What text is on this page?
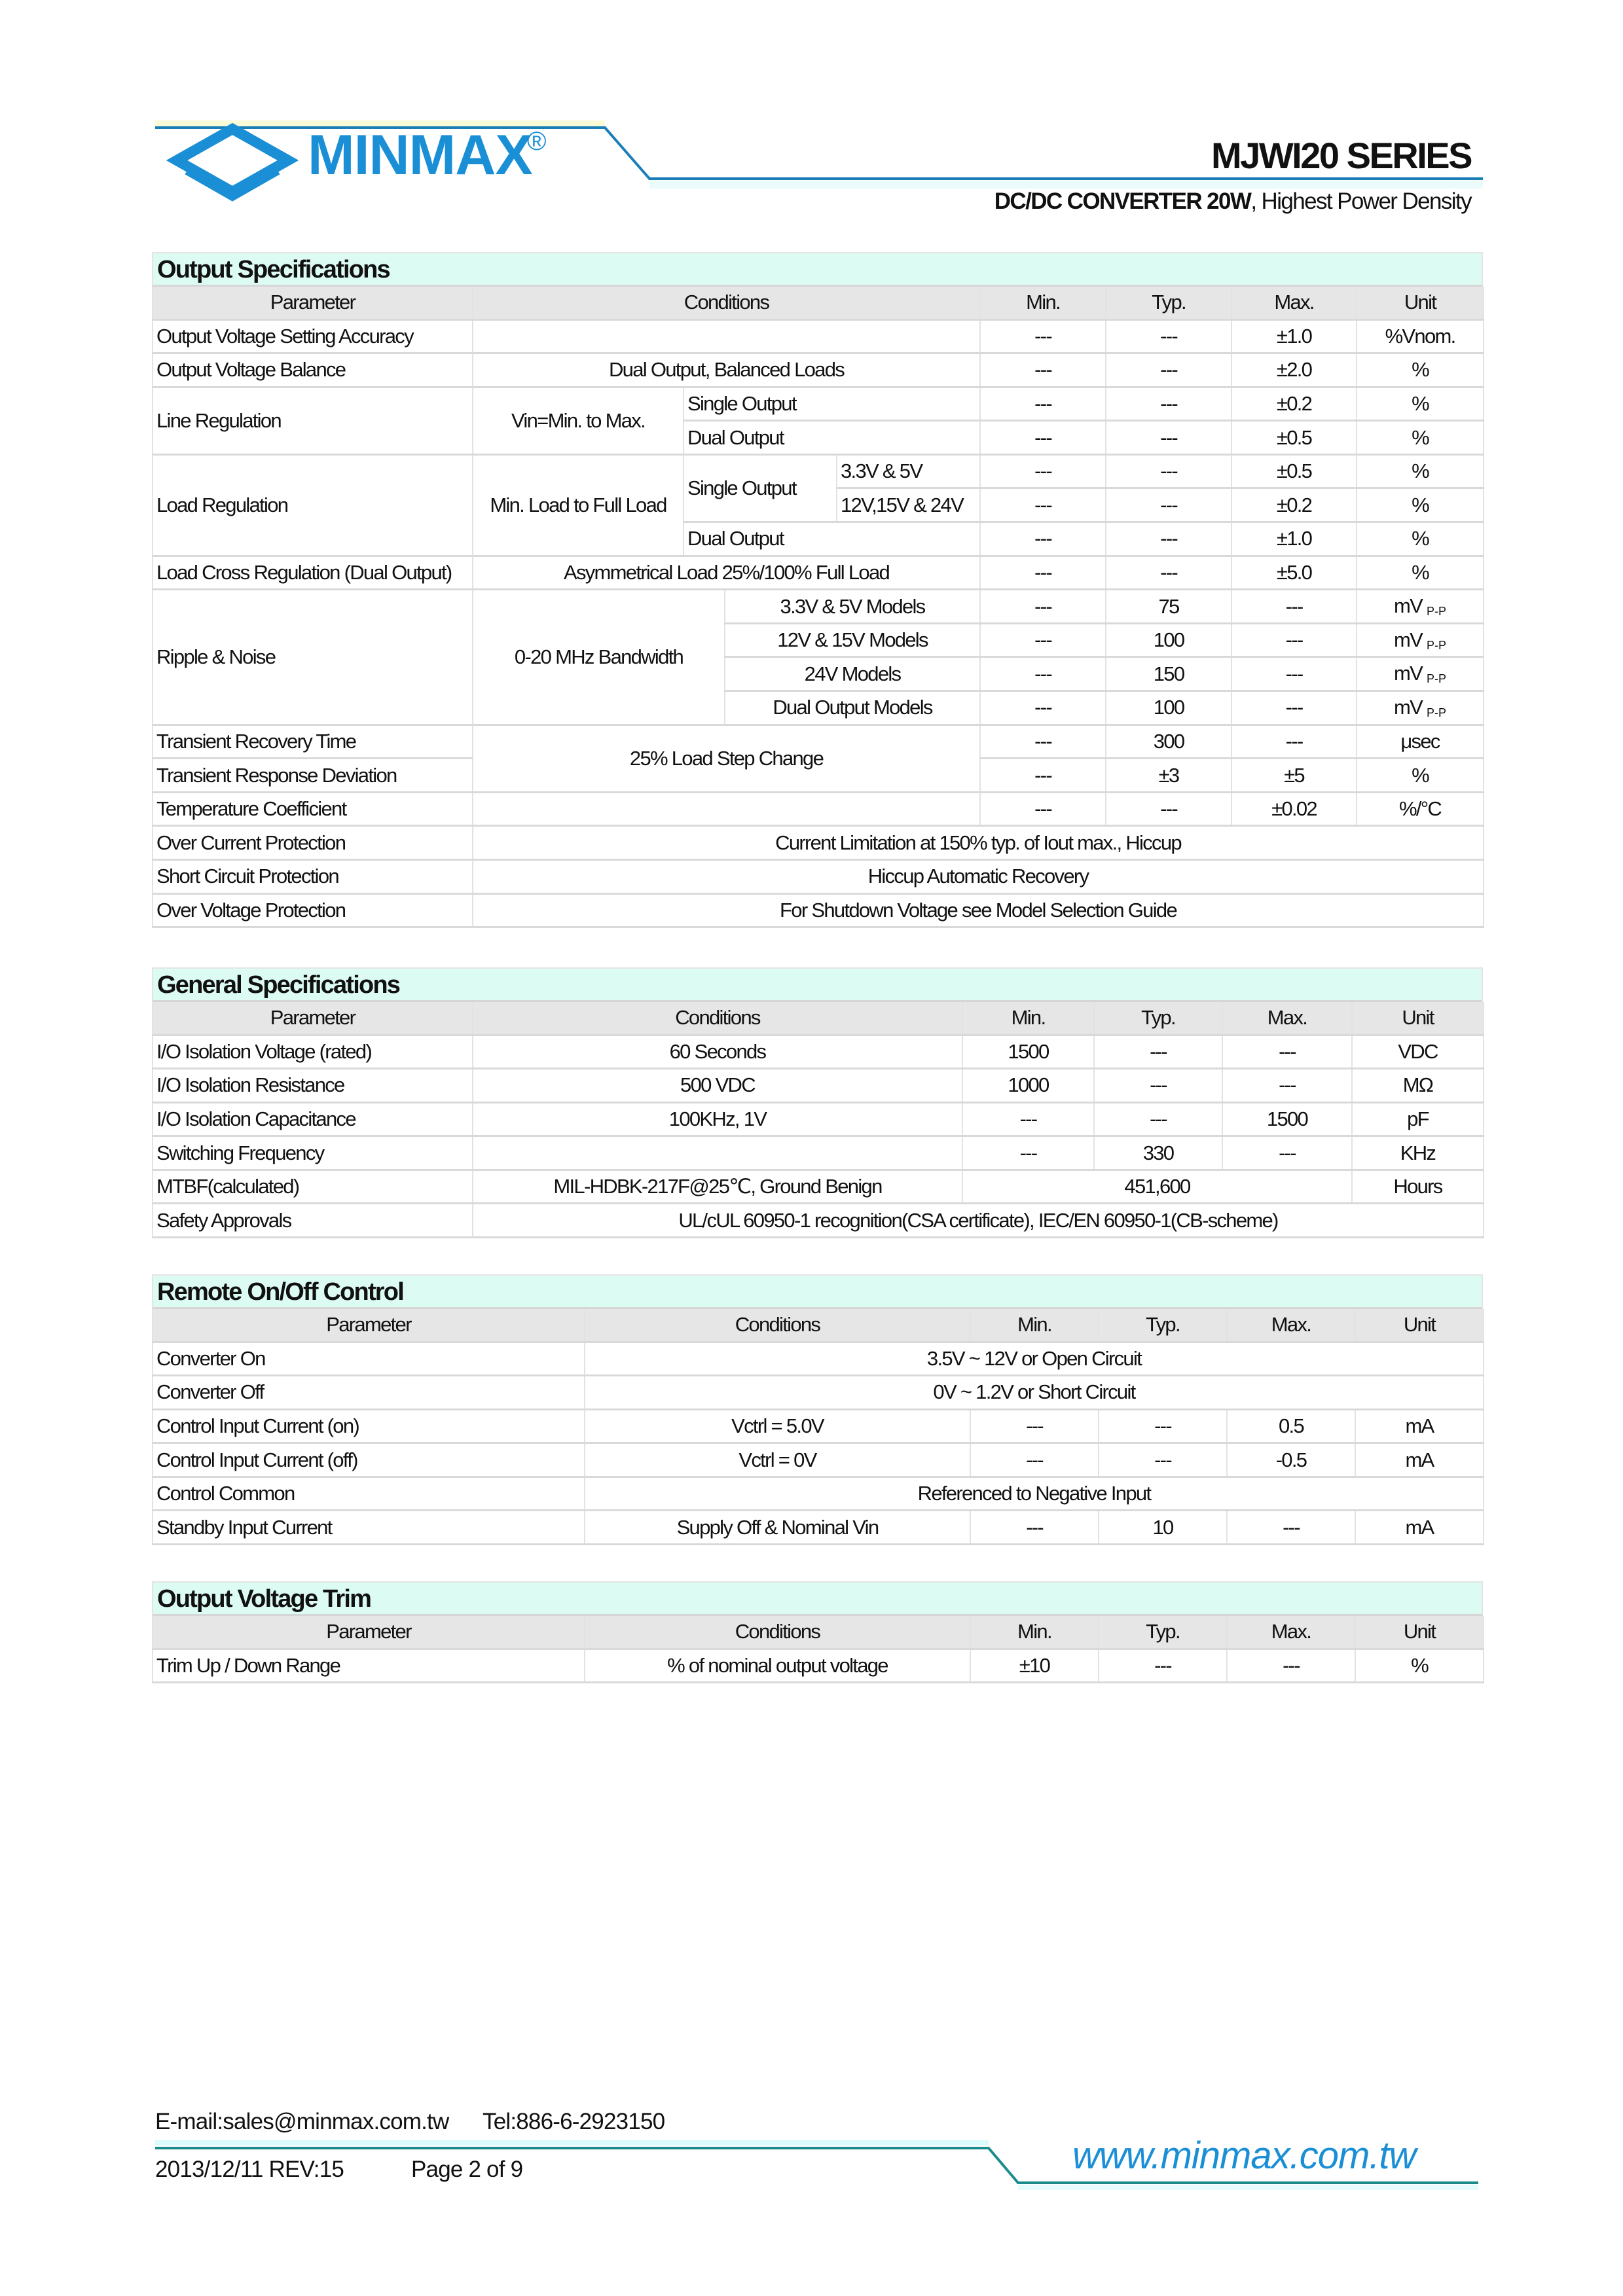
MINMAX
®	MJWI20 SERIES
DC/DC CONVERTER 20W, Highest Power Density
Output Specifications
Parameter	Conditions				Min.	Typ.	Max.	Unit
Output Voltage Setting Accuracy					---	---	±1.0	%Vnom.
Output Voltage Balance	Dual Output, Balanced Loads				---	---	±2.0	%
Line Regulation	Vin=Min. to Max.	Single Output			---	---	±0.2	%
		Dual Output			---	---	±0.5	%
Load Regulation	Min. Load to Full Load	Single Output		3.3V & 5V	---	---	±0.5	%
				12V,15V & 24V	---	---	±0.2	%
		Dual Output			---	---	±1.0	%
Load Cross Regulation (Dual Output)	Asymmetrical Load 25%/100% Full Load				---	---	±5.0	%
Ripple & Noise	0-20 MHz Bandwidth		3.3V & 5V Models		---	75	---	mV $_{P-P}$
			12V & 15V Models		---	100	---	mV $_{P-P}$
			24V Models		---	150	---	mV $_{P-P}$
			Dual Output Models		---	100	---	mV $_{P-P}$
Transient Recovery Time	25% Load Step Change				---	300	---	μsec
Transient Response Deviation					---	±3	±5	%
Temperature Coefficient					---	---	±0.02	%/°C
Over Current Protection	Current Limitation at 150% typ. of Iout max., Hiccup							
Short Circuit Protection	Hiccup Automatic Recovery							
Over Voltage Protection	For Shutdown Voltage see Model Selection Guide							
General Specifications
Parameter	Conditions	Min.	Typ.	Max.	Unit
I/O Isolation Voltage (rated)	60 Seconds	1500	---	---	VDC
I/O Isolation Resistance	500 VDC	1000	---	---	MΩ
I/O Isolation Capacitance	100KHz, 1V	---	---	1500	pF
Switching Frequency		---	330	---	KHz
MTBF(calculated)	MIL-HDBK-217F@25℃, Ground Benign	451,600			Hours
Safety Approvals	UL/cUL 60950-1 recognition(CSA certificate), IEC/EN 60950-1(CB-scheme)				
Remote On/Off Control
Parameter	Conditions	Min.	Typ.	Max.	Unit
Converter On	3.5V ~ 12V or Open Circuit				
Converter Off	0V ~ 1.2V or Short Circuit				
Control Input Current (on)	Vctrl = 5.0V	---	---	0.5	mA
Control Input Current (off)	Vctrl = 0V	---	---	-0.5	mA
Control Common	Referenced to Negative Input				
Standby Input Current	Supply Off & Nominal Vin	---	10	---	mA
Output Voltage Trim
Parameter	Conditions	Min.	Typ.	Max.	Unit
Trim Up / Down Range	% of nominal output voltage	±10	---	---	%
E-mail:sales@minmax.com.tw Tel:886-6-2923150
2013/12/11 REV:15	Page 2 of 9	www.minmax.com.tw
